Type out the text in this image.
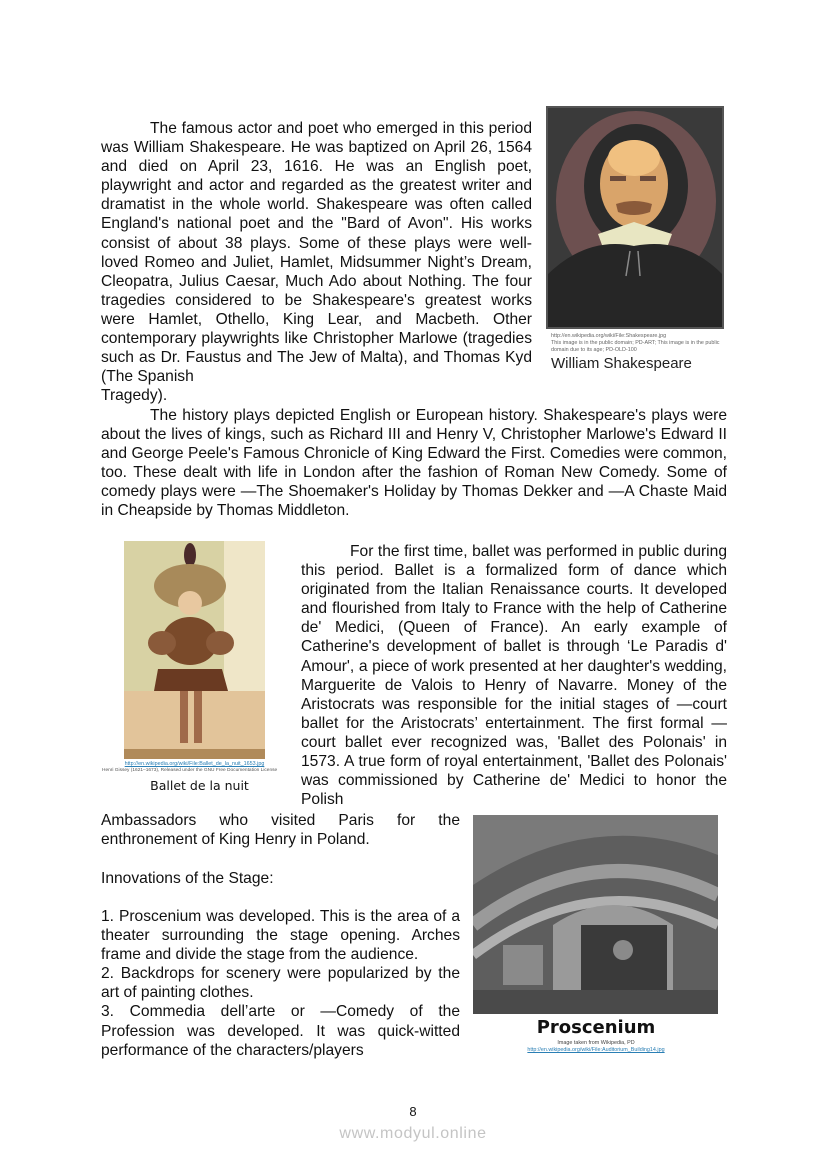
The famous actor and poet who emerged in this period was William Shakespeare. He was baptized on April 26, 1564 and died on April 23, 1616. He was an English poet, playwright and actor and regarded as the greatest writer and dramatist in the whole world. Shakespeare was often called England's national poet and the "Bard of Avon". His works consist of about 38 plays. Some of these plays were well-loved Romeo and Juliet, Hamlet, Midsummer Night’s Dream, Cleopatra, Julius Caesar, Much Ado about Nothing. The four tragedies considered to be Shakespeare's greatest works were Hamlet, Othello, King Lear, and Macbeth. Other contemporary playwrights like Christopher Marlowe (tragedies such as Dr. Faustus and The Jew of Malta), and Thomas Kyd (The Spanish

Tragedy).

http://en.wikipedia.org/wiki/File:Shakespeare.jpg
This image is in the public domain; PD-ART; This image is in the public domain due to its age; PD-OLD-100
William Shakespeare

The history plays depicted English or European history. Shakespeare's plays were about the lives of kings, such as Richard III and Henry V, Christopher Marlowe's Edward II and George Peele's Famous Chronicle of King Edward the First. Comedies were common, too. These dealt with life in London after the fashion of Roman New Comedy. Some of comedy plays were —The Shoemaker's Holiday by Thomas Dekker and —A Chaste Maid in Cheapside by Thomas Middleton.

http://en.wikipedia.org/wiki/File:Ballet_de_la_nuit_1653.jpg
Henri Gissey (1621–1673), Released under the GNU Free Documentation License
Ballet de la nuit

For the first time, ballet was performed in public during this period. Ballet is a formalized form of dance which originated from the Italian Renaissance courts. It developed and flourished from Italy to France with the help of Catherine de' Medici, (Queen of France). An early example of Catherine's development of ballet is through ‘Le Paradis d' Amour', a piece of work presented at her daughter's wedding, Marguerite de Valois to Henry of Navarre. Money of the Aristocrats was responsible for the initial stages of —court ballet for the Aristocrats’ entertainment. The first formal —court ballet ever recognized was, 'Ballet des Polonais' in 1573. A true form of royal entertainment, 'Ballet des Polonais' was commissioned by Catherine de' Medici to honor the Polish

Ambassadors who visited Paris for the enthronement of King Henry in Poland.

Innovations of the Stage:

1. Proscenium was developed. This is the area of a theater surrounding the stage opening. Arches frame and divide the stage from the audience.
2. Backdrops for scenery were popularized by the art of painting clothes.
3. Commedia dell’arte or —Comedy of the Profession was developed. It was quick-witted performance of the characters/players
Proscenium
Image taken from Wikipedia, PD
http://en.wikipedia.org/wiki/File:Auditorium_Building14.jpg
8
www.modyul.online
